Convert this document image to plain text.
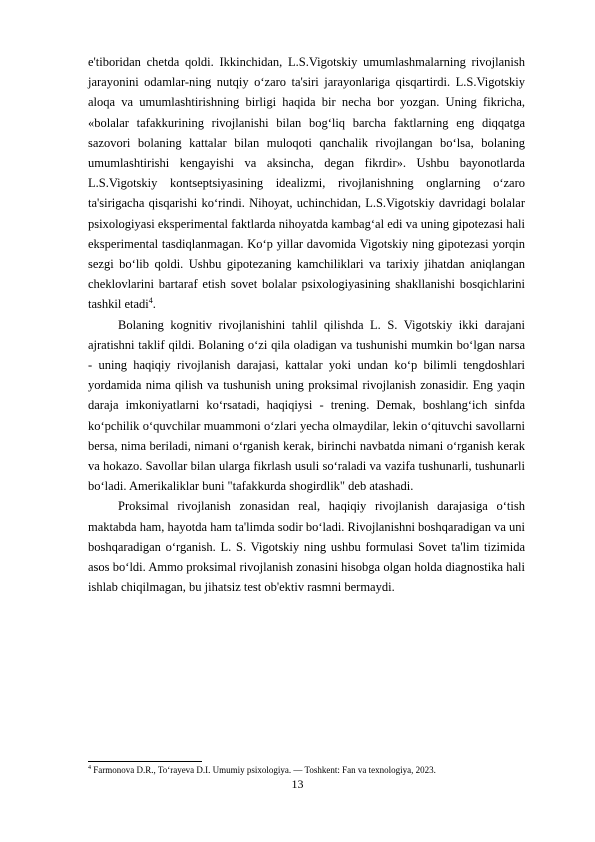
e'tiboridan chetda qoldi. Ikkinchidan, L.S.Vigotskiy umumlashmalarning rivojlanish jarayonini odamlar-ning nutqiy o‘zaro ta'siri jarayonlariga qisqartirdi. L.S.Vigotskiy aloqa va umumlashtirishning birligi haqida bir necha bor yozgan. Uning fikricha, «bolalar tafakkurining rivojlanishi bilan bog‘liq barcha faktlarning eng diqqatga sazovori bolaning kattalar bilan muloqoti qanchalik rivojlangan bo‘lsa, bolaning umumlashtirishi kengayishi va aksincha, degan fikrdir». Ushbu bayonotlarda L.S.Vigotskiy kontseptsiyasining idealizmi, rivojlanishning onglarning o‘zaro ta'sirigacha qisqarishi ko‘rindi. Nihoyat, uchinchidan, L.S.Vigotskiy davridagi bolalar psixologiyasi eksperimental faktlarda nihoyatda kambag‘al edi va uning gipotezasi hali eksperimental tasdiqlanmagan. Ko‘p yillar davomida Vigotskiy ning gipotezasi yorqin sezgi bo‘lib qoldi. Ushbu gipotezaning kamchiliklari va tarixiy jihatdan aniqlangan cheklovlarini bartaraf etish sovet bolalar psixologiyasining shakllanishi bosqichlarini tashkil etadi$^4$.

Bolaning kognitiv rivojlanishini tahlil qilishda L. S. Vigotskiy ikki darajani ajratishni taklif qildi. Bolaning o‘zi qila oladigan va tushunishi mumkin bo‘lgan narsa - uning haqiqiy rivojlanish darajasi, kattalar yoki undan ko‘p bilimli tengdoshlari yordamida nima qilish va tushunish uning proksimal rivojlanish zonasidir. Eng yaqin daraja imkoniyatlarni ko‘rsatadi, haqiqiysi - trening. Demak, boshlang‘ich sinfda ko‘pchilik o‘quvchilar muammoni o‘zlari yecha olmaydilar, lekin o‘qituvchi savollarni bersa, nima beriladi, nimani o‘rganish kerak, birinchi navbatda nimani o‘rganish kerak va hokazo. Savollar bilan ularga fikrlash usuli so‘raladi va vazifa tushunarli, tushunarli bo‘ladi. Amerikaliklar buni "tafakkurda shogirdlik" deb atashadi.

Proksimal rivojlanish zonasidan real, haqiqiy rivojlanish darajasiga o‘tish maktabda ham, hayotda ham ta'limda sodir bo‘ladi. Rivojlanishni boshqaradigan va uni boshqaradigan o‘rganish. L. S. Vigotskiy ning ushbu formulasi Sovet ta'lim tizimida asos bo‘ldi. Ammo proksimal rivojlanish zonasini hisobga olgan holda diagnostika hali ishlab chiqilmagan, bu jihatsiz test ob'ektiv rasmni bermaydi.

$^4$ Farmonova D.R., To‘rayeva D.I. Umumiy psixologiya. — Toshkent: Fan va texnologiya, 2023.
13
